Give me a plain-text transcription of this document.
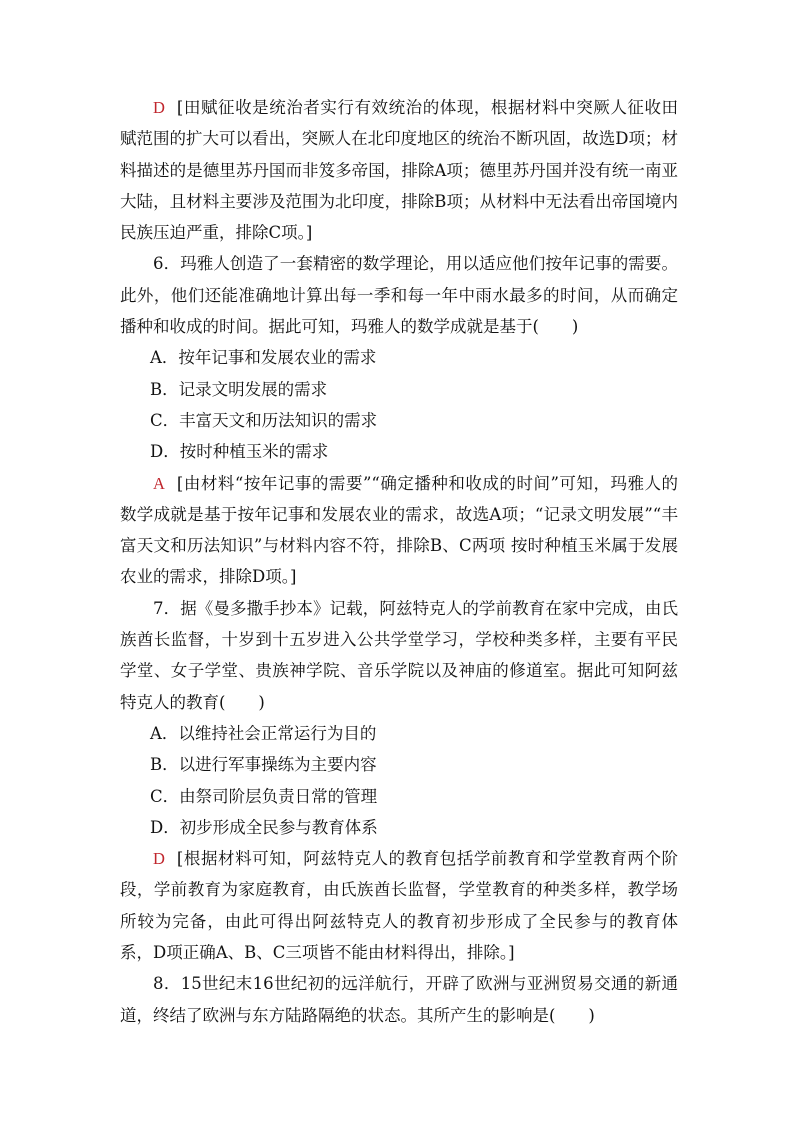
D [田赋征收是统治者实行有效统治的体现，根据材料中突厥人征收田赋范围的扩大可以看出，突厥人在北印度地区的统治不断巩固，故选D项；材料描述的是德里苏丹国而非笈多帝国，排除A项；德里苏丹国并没有统一南亚大陆，且材料主要涉及范围为北印度，排除B项；从材料中无法看出帝国境内民族压迫严重，排除C项。]

6．玛雅人创造了一套精密的数学理论，用以适应他们按年记事的需要。此外，他们还能准确地计算出每一季和每一年中雨水最多的时间，从而确定播种和收成的时间。据此可知，玛雅人的数学成就是基于(　　)

A．按年记事和发展农业的需求

B．记录文明发展的需求

C．丰富天文和历法知识的需求

D．按时种植玉米的需求

A [由材料“按年记事的需要”“确定播种和收成的时间”可知，玛雅人的数学成就是基于按年记事和发展农业的需求，故选A项；“记录文明发展”“丰富天文和历法知识”与材料内容不符，排除B、C两项 按时种植玉米属于发展农业的需求，排除D项。]

7．据《曼多撒手抄本》记载，阿兹特克人的学前教育在家中完成，由氏族酋长监督，十岁到十五岁进入公共学堂学习，学校种类多样，主要有平民学堂、女子学堂、贵族神学院、音乐学院以及神庙的修道室。据此可知阿兹特克人的教育(　　)

A．以维持社会正常运行为目的

B．以进行军事操练为主要内容

C．由祭司阶层负责日常的管理

D．初步形成全民参与教育体系

D [根据材料可知，阿兹特克人的教育包括学前教育和学堂教育两个阶段，学前教育为家庭教育，由氏族酋长监督，学堂教育的种类多样，教学场所较为完备，由此可得出阿兹特克人的教育初步形成了全民参与的教育体系，D项正确A、B、C三项皆不能由材料得出，排除。]

8．15世纪末16世纪初的远洋航行，开辟了欧洲与亚洲贸易交通的新通道，终结了欧洲与东方陆路隔绝的状态。其所产生的影响是(　　)
